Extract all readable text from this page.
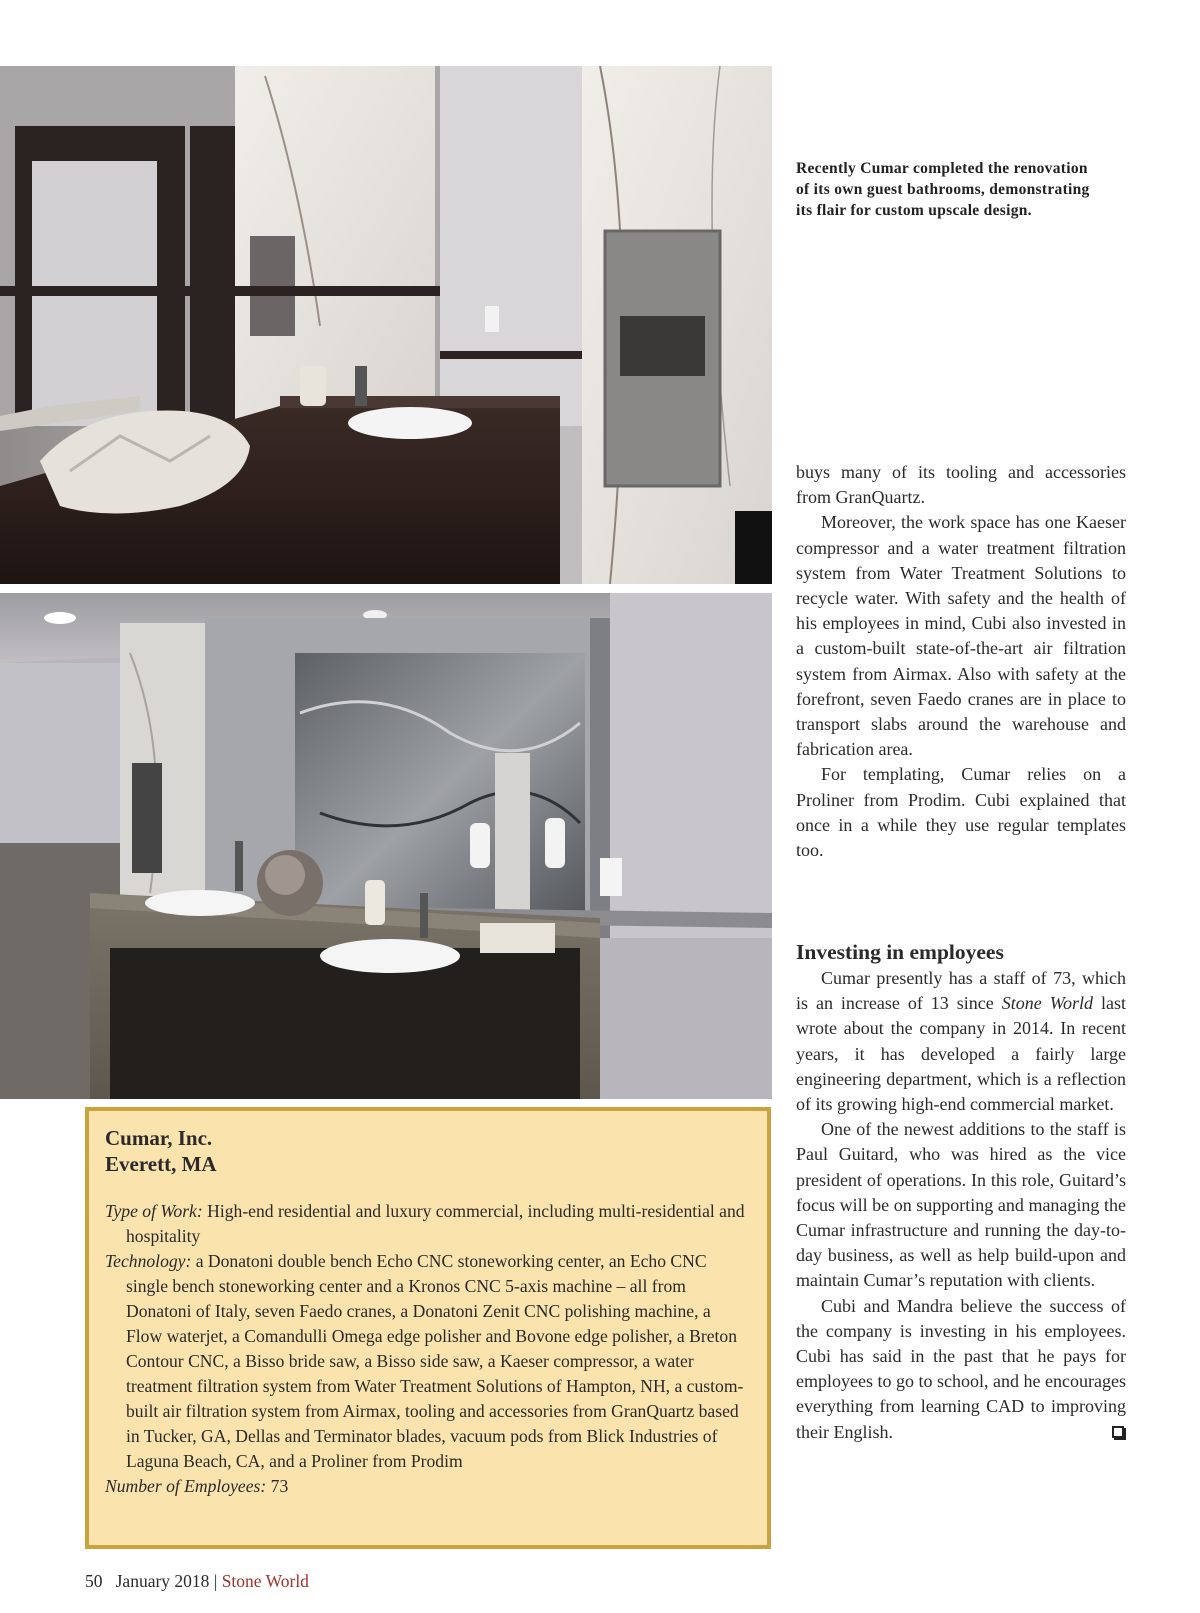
Recently Cumar completed the renovation of its own guest bathrooms, demonstrating its flair for custom upscale design.

buys many of its tooling and accessories from GranQuartz.

Moreover, the work space has one Kaeser compressor and a water treatment filtration system from Water Treatment Solutions to recycle water. With safety and the health of his employees in mind, Cubi also invested in a custom-built state-of-the-art air filtration system from Airmax. Also with safety at the forefront, seven Faedo cranes are in place to transport slabs around the warehouse and fabrication area.

For templating, Cumar relies on a Proliner from Prodim. Cubi explained that once in a while they use regular templates too.

Investing in employees

Cumar presently has a staff of 73, which is an increase of 13 since Stone World last wrote about the company in 2014. In recent years, it has developed a fairly large engineering department, which is a reflection of its growing high-end commercial market.

One of the newest additions to the staff is Paul Guitard, who was hired as the vice president of operations. In this role, Guitard’s focus will be on supporting and managing the Cumar infrastructure and running the day-to-day business, as well as help build-upon and maintain Cumar’s reputation with clients.

Cubi and Mandra believe the success of the company is investing in his employees. Cubi has said in the past that he pays for employees to go to school, and he encourages everything from learning CAD to improving their English.

Cumar, Inc.
Everett, MA
Type of Work: High-end residential and luxury commercial, including multi-residential and hospitality
Technology: a Donatoni double bench Echo CNC stoneworking center, an Echo CNC single bench stoneworking center and a Kronos CNC 5-axis machine – all from Donatoni of Italy, seven Faedo cranes, a Donatoni Zenit CNC polishing machine, a Flow waterjet, a Comandulli Omega edge polisher and Bovone edge polisher, a Breton Contour CNC, a Bisso bride saw, a Bisso side saw, a Kaeser compressor, a water treatment filtration system from Water Treatment Solutions of Hampton, NH, a custom-built air filtration system from Airmax, tooling and accessories from GranQuartz based in Tucker, GA, Dellas and Terminator blades, vacuum pods from Blick Industries of Laguna Beach, CA, and a Proliner from Prodim
Number of Employees: 73
50 January 2018 | Stone World
